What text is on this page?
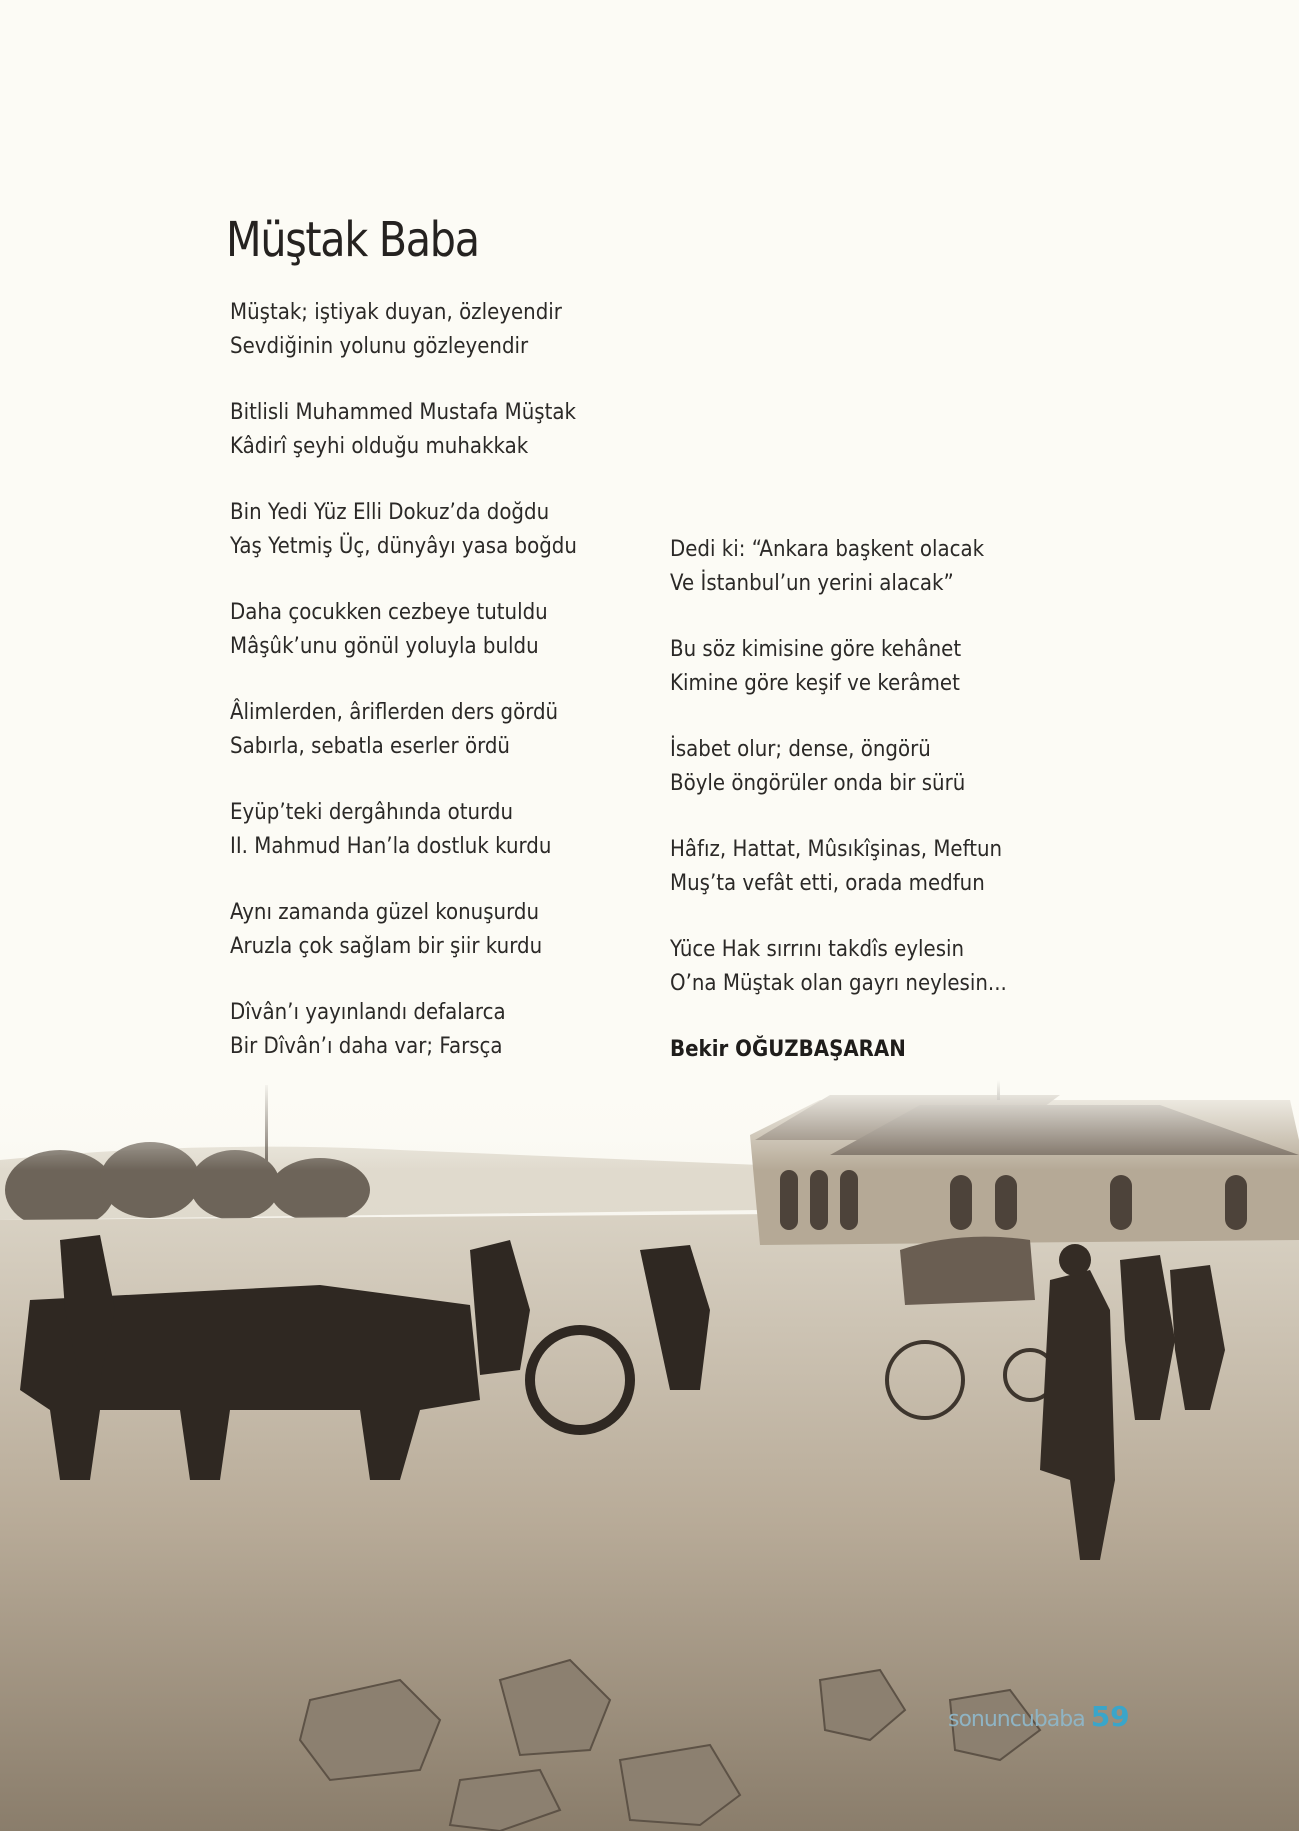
Müştak Baba
Müştak; iştiyak duyan, özleyendir
Sevdiğinin yolunu gözleyendir
Bitlisli Muhammed Mustafa Müştak
Kâdirî şeyhi olduğu muhakkak
Bin Yedi Yüz Elli Dokuz’da doğdu
Yaş Yetmiş Üç, dünyâyı yasa boğdu
Daha çocukken cezbeye tutuldu
Mâşûk’unu gönül yoluyla buldu
Âlimlerden, âriflerden ders gördü
Sabırla, sebatla eserler ördü
Eyüp’teki dergâhında oturdu
II. Mahmud Han’la dostluk kurdu
Aynı zamanda güzel konuşurdu
Aruzla çok sağlam bir şiir kurdu
Dîvân’ı yayınlandı defalarca
Bir Dîvân’ı daha var; Farsça
Dedi ki: “Ankara başkent olacak
Ve İstanbul’un yerini alacak”
Bu söz kimisine göre kehânet
Kimine göre keşif ve kerâmet
İsabet olur; dense, öngörü
Böyle öngörüler onda bir sürü
Hâfız, Hattat, Mûsıkîşinas, Meftun
Muş’ta vefât etti, orada medfun
Yüce Hak sırrını takdîs eylesin
O’na Müştak olan gayrı neylesin...
Bekir OĞUZBAŞARAN
sonuncubaba 59
